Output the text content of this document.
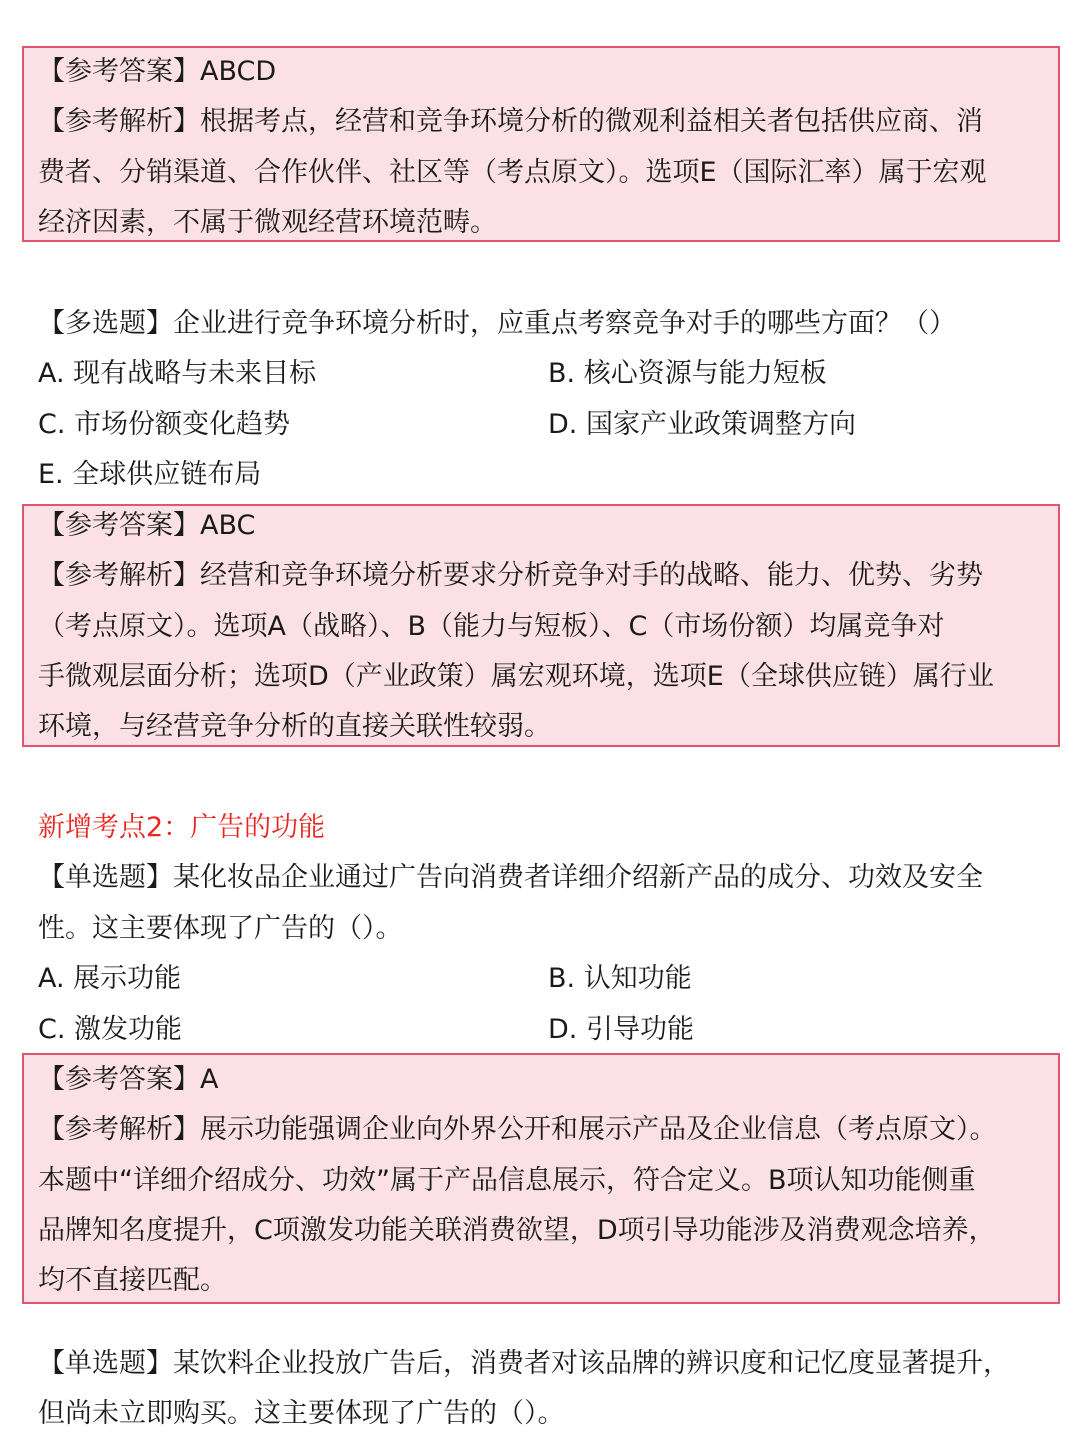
【参考答案】ABCD
【参考解析】根据考点，经营和竞争环境分析的微观利益相关者包括供应商、消
费者、分销渠道、合作伙伴、社区等（考点原文）。选项E（国际汇率）属于宏观
经济因素，不属于微观经营环境范畴。
【多选题】企业进行竞争环境分析时，应重点考察竞争对手的哪些方面？（）
A. 现有战略与未来目标	B. 核心资源与能力短板
C. 市场份额变化趋势	D. 国家产业政策调整方向
E. 全球供应链布局
【参考答案】ABC
【参考解析】经营和竞争环境分析要求分析竞争对手的战略、能力、优势、劣势
（考点原文）。选项A（战略）、B（能力与短板）、C（市场份额）均属竞争对
手微观层面分析；选项D（产业政策）属宏观环境，选项E（全球供应链）属行业
环境，与经营竞争分析的直接关联性较弱。
新增考点2：广告的功能
【单选题】某化妆品企业通过广告向消费者详细介绍新产品的成分、功效及安全
性。这主要体现了广告的（）。
A. 展示功能	B. 认知功能
C. 激发功能	D. 引导功能
【参考答案】A
【参考解析】展示功能强调企业向外界公开和展示产品及企业信息（考点原文）。
本题中“详细介绍成分、功效”属于产品信息展示，符合定义。B项认知功能侧重
品牌知名度提升，C项激发功能关联消费欲望，D项引导功能涉及消费观念培养，
均不直接匹配。
【单选题】某饮料企业投放广告后，消费者对该品牌的辨识度和记忆度显著提升，
但尚未立即购买。这主要体现了广告的（）。
